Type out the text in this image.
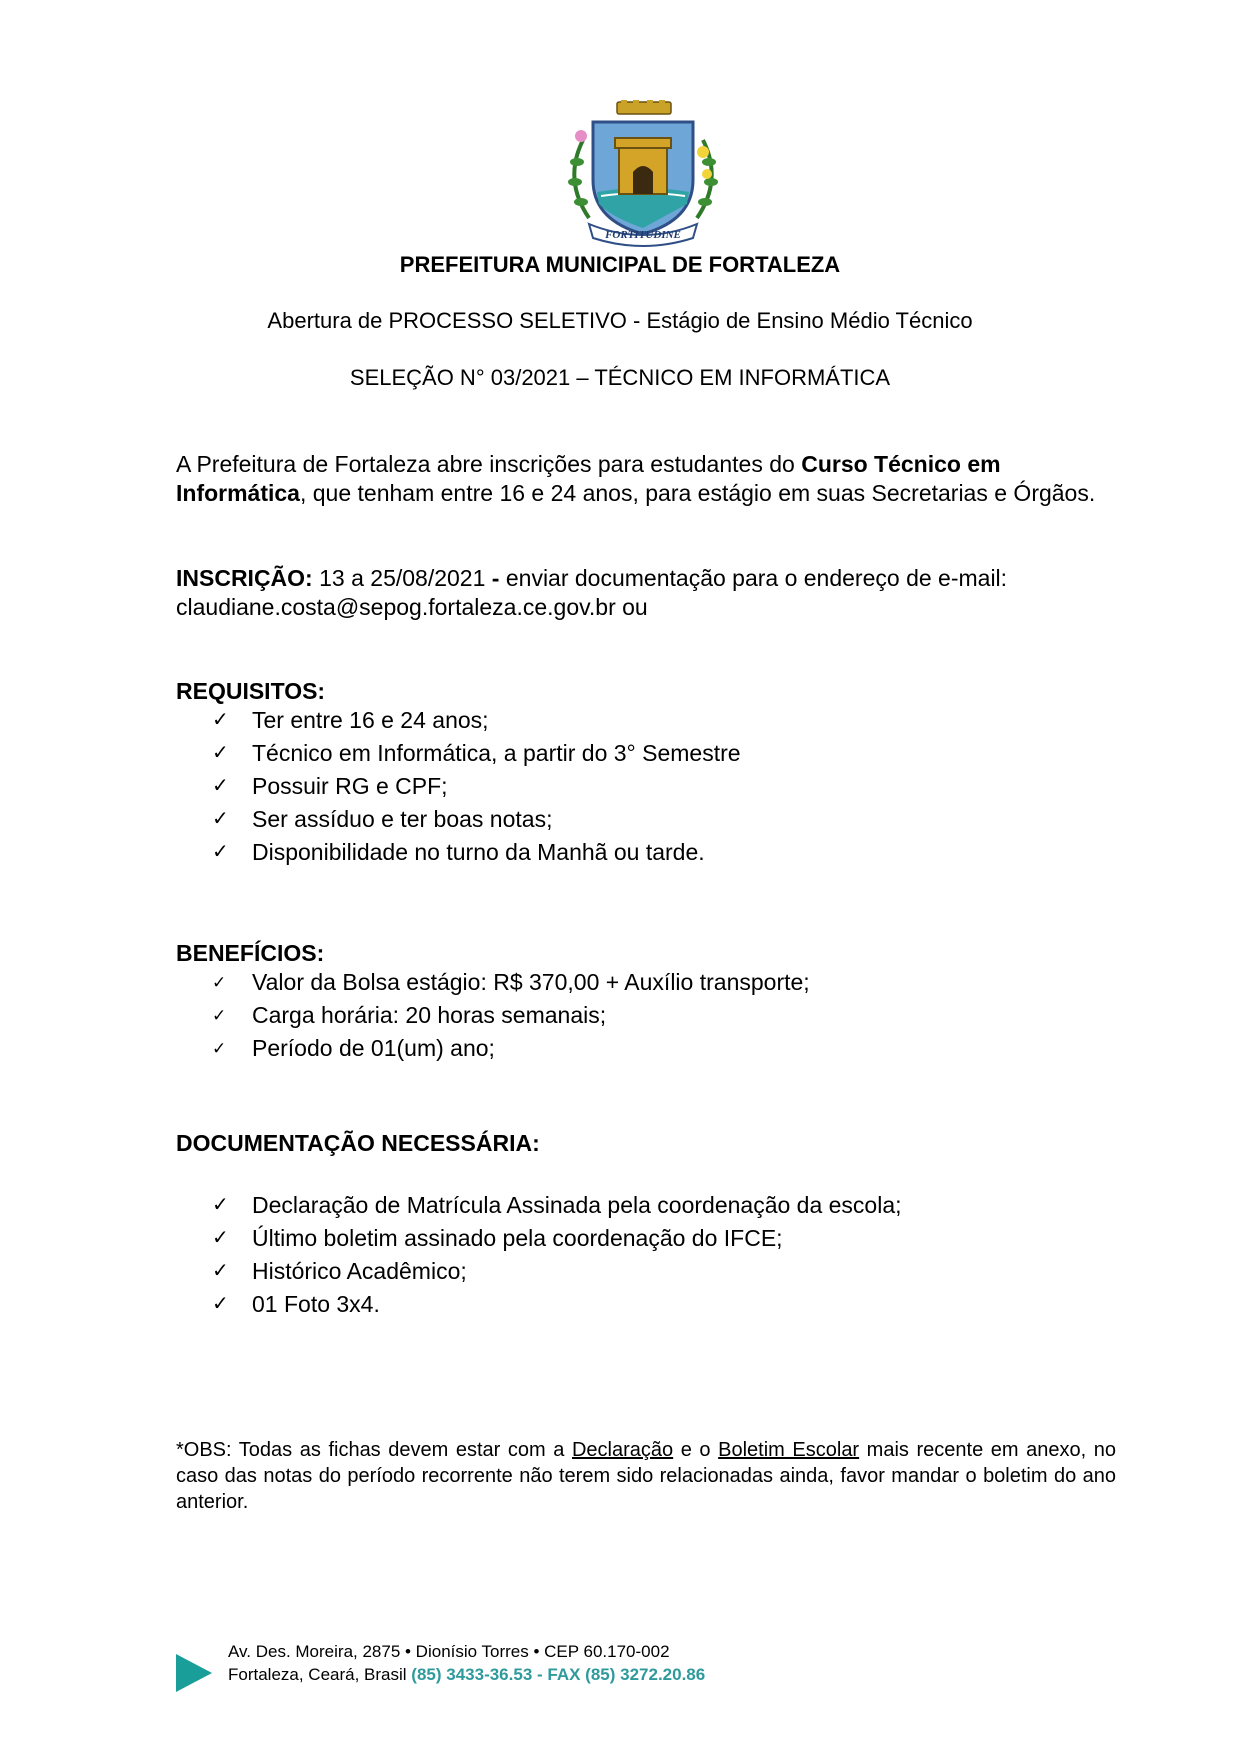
FORTITUDINE
PREFEITURA MUNICIPAL DE FORTALEZA
Abertura de PROCESSO SELETIVO - Estágio de Ensino Médio Técnico
SELEÇÃO N° 03/2021 – TÉCNICO EM INFORMÁTICA
A Prefeitura de Fortaleza abre inscrições para estudantes do Curso Técnico em Informática, que tenham entre 16 e 24 anos, para estágio em suas Secretarias e Órgãos.
INSCRIÇÃO: 13 a 25/08/2021 - enviar documentação para o endereço de e-mail: claudiane.costa@sepog.fortaleza.ce.gov.br ou
REQUISITOS:
✓	Ter entre 16 e 24 anos;
✓	Técnico em Informática, a partir do 3° Semestre
✓	Possuir RG e CPF;
✓	Ser assíduo e ter boas notas;
✓	Disponibilidade no turno da Manhã ou tarde.
BENEFÍCIOS:
✓	Valor da Bolsa estágio: R$ 370,00 + Auxílio transporte;
✓	Carga horária: 20 horas semanais;
✓	Período de 01(um) ano;
DOCUMENTAÇÃO NECESSÁRIA:
✓	Declaração de Matrícula Assinada pela coordenação da escola;
✓	Último boletim assinado pela coordenação do IFCE;
✓	Histórico Acadêmico;
✓	01 Foto 3x4.
*OBS: Todas as fichas devem estar com a Declaração e o Boletim Escolar mais recente em anexo, no caso das notas do período recorrente não terem sido relacionadas ainda, favor mandar o boletim do ano anterior.
Av. Des. Moreira, 2875 • Dionísio Torres • CEP 60.170-002
Fortaleza, Ceará, Brasil (85) 3433-36.53 - FAX (85) 3272.20.86
